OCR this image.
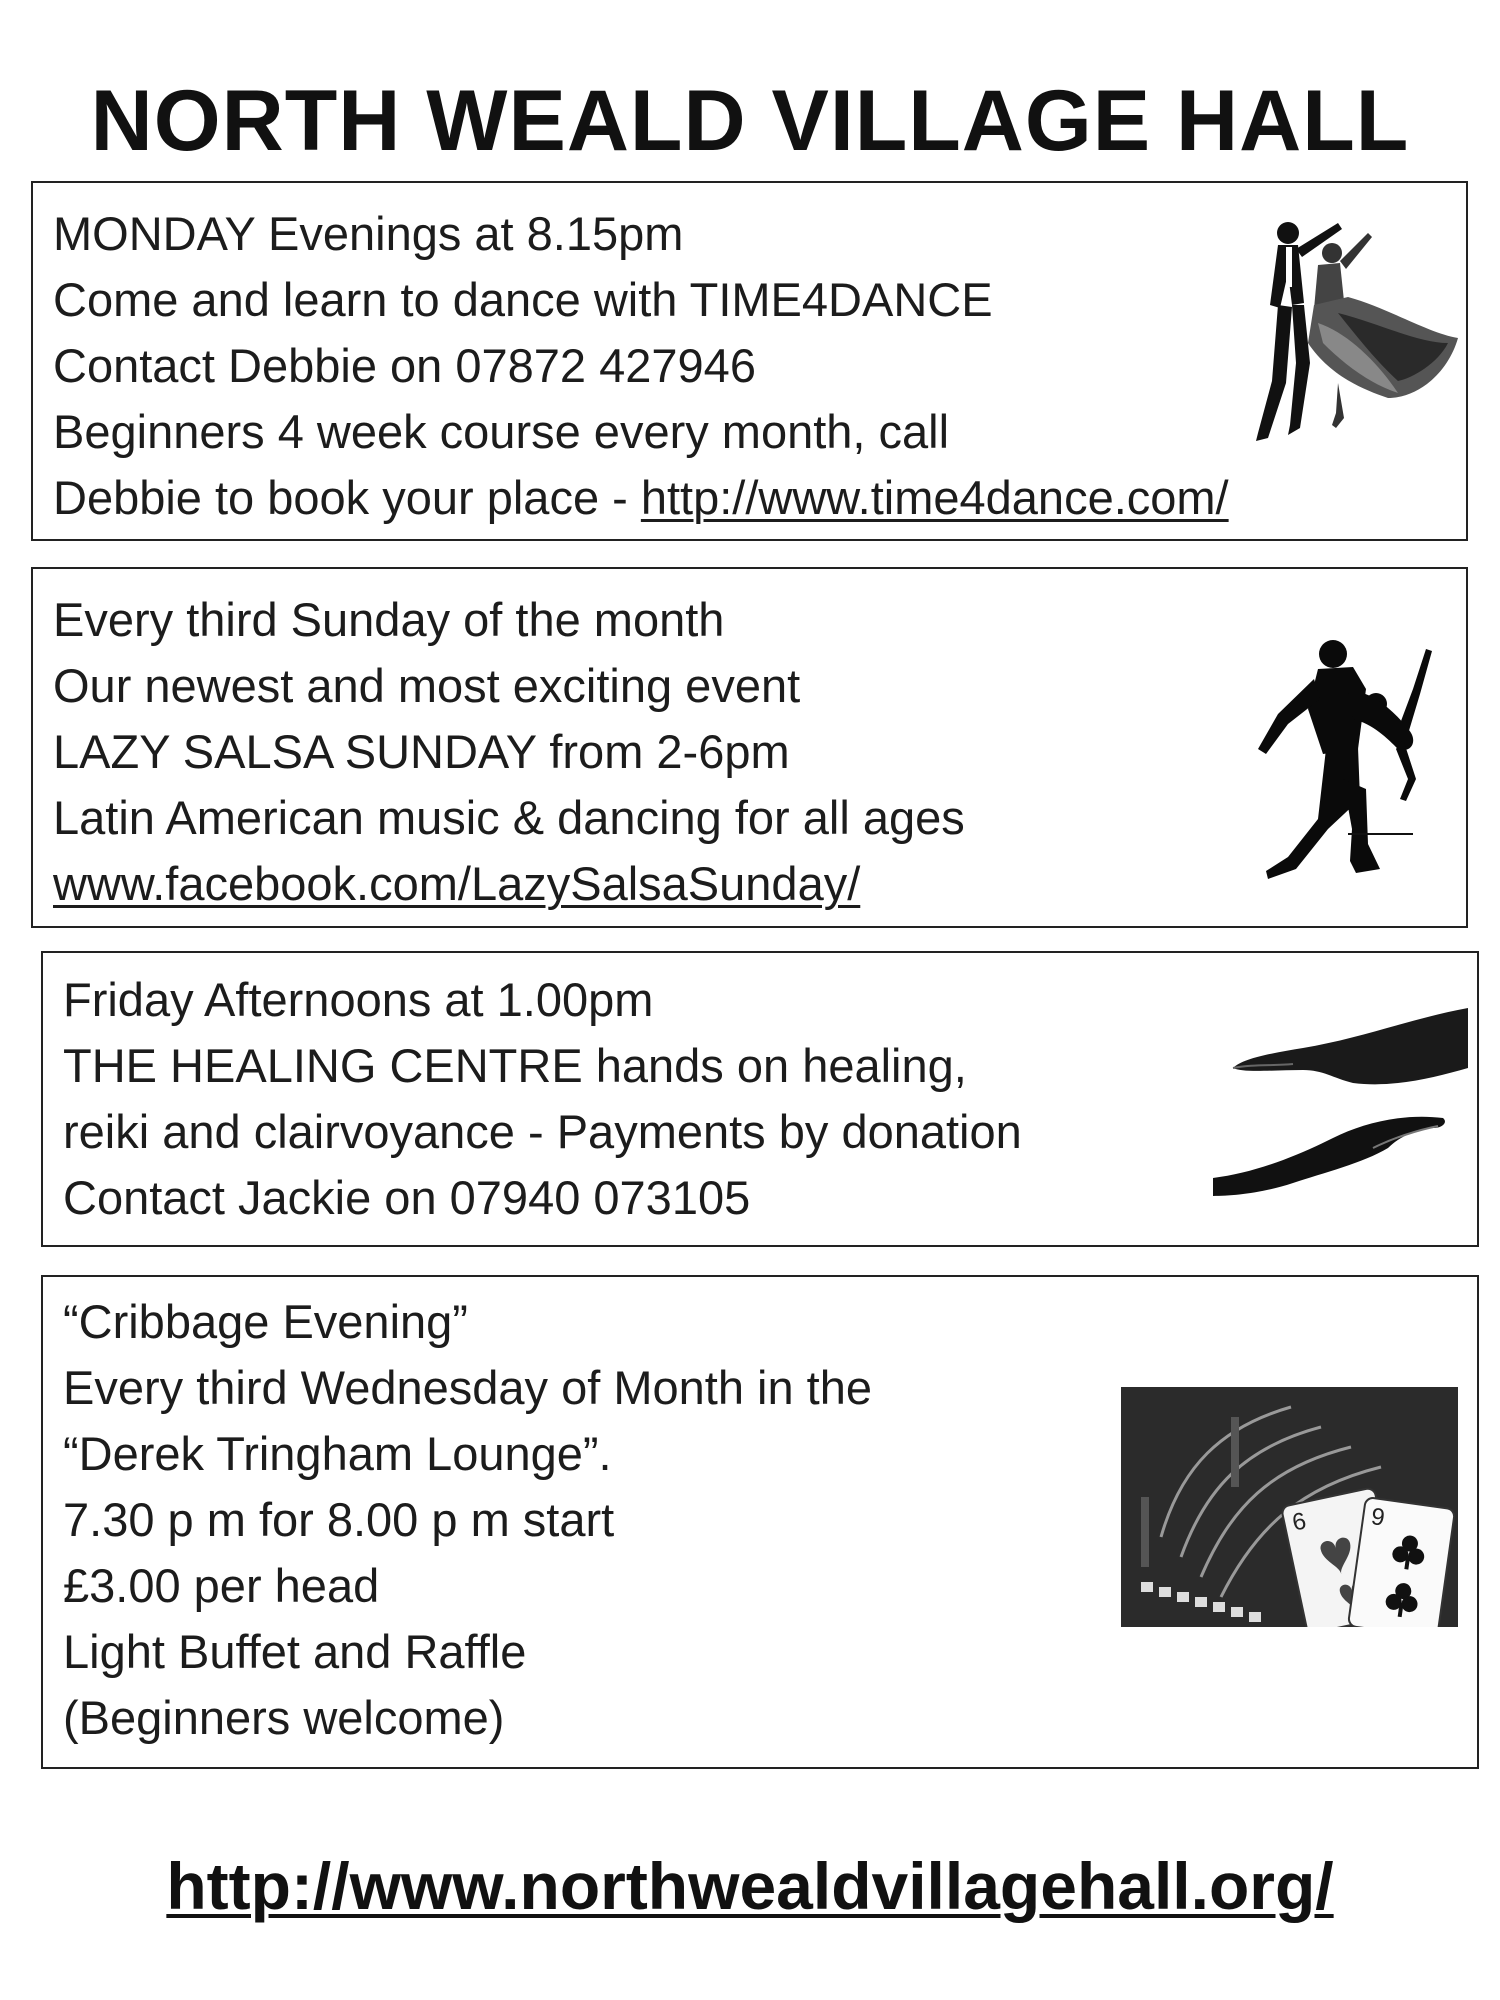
NORTH WEALD VILLAGE HALL
MONDAY Evenings at 8.15pm
Come and learn to dance with TIME4DANCE
Contact Debbie on 07872 427946
Beginners 4 week course every month, call
Debbie to book your place - http://www.time4dance.com/
Every third Sunday of the month
Our newest and most exciting event
LAZY SALSA SUNDAY from 2-6pm
Latin American music & dancing for all ages
www.facebook.com/LazySalsaSunday/
Friday Afternoons at 1.00pm
THE HEALING CENTRE hands on healing,
reiki and clairvoyance - Payments by donation
Contact Jackie on 07940 073105
“Cribbage Evening”
Every third Wednesday of Month in the
“Derek Tringham Lounge”.
7.30 p m for 8.00 p m start
£3.00 per head
Light Buffet and Raffle
(Beginners welcome)
6	9
http://www.northwealdvillagehall.org/
